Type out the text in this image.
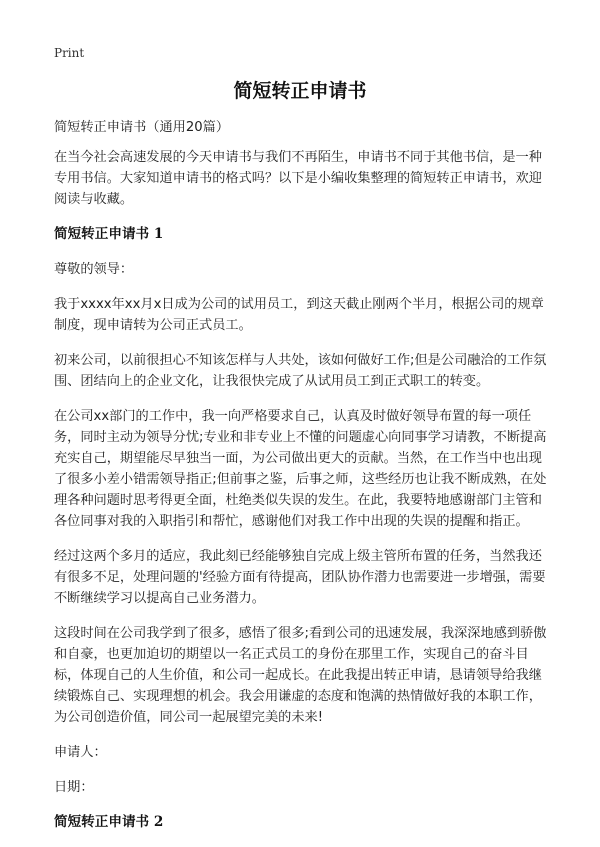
Print
简短转正申请书

简短转正申请书（通用20篇）

在当今社会高速发展的今天申请书与我们不再陌生，申请书不同于其他书信，是一种专用书信。大家知道申请书的格式吗？以下是小编收集整理的简短转正申请书，欢迎阅读与收藏。

简短转正申请书 1

尊敬的领导：

我于xxxx年xx月x日成为公司的试用员工，到这天截止刚两个半月，根据公司的规章制度，现申请转为公司正式员工。

初来公司，以前很担心不知该怎样与人共处，该如何做好工作;但是公司融洽的工作氛围、团结向上的企业文化，让我很快完成了从试用员工到正式职工的转变。

在公司xx部门的工作中，我一向严格要求自己，认真及时做好领导布置的每一项任务，同时主动为领导分忧;专业和非专业上不懂的问题虚心向同事学习请教，不断提高充实自己，期望能尽早独当一面，为公司做出更大的贡献。当然，在工作当中也出现了很多小差小错需领导指正;但前事之鉴，后事之师，这些经历也让我不断成熟，在处理各种问题时思考得更全面，杜绝类似失误的发生。在此，我要特地感谢部门主管和各位同事对我的入职指引和帮忙，感谢他们对我工作中出现的失误的提醒和指正。

经过这两个多月的适应，我此刻已经能够独自完成上级主管所布置的任务，当然我还有很多不足，处理问题的'经验方面有待提高，团队协作潜力也需要进一步增强，需要不断继续学习以提高自己业务潜力。

这段时间在公司我学到了很多，感悟了很多;看到公司的迅速发展，我深深地感到骄傲和自豪，也更加迫切的期望以一名正式员工的身份在那里工作，实现自己的奋斗目标，体现自己的人生价值，和公司一起成长。在此我提出转正申请，恳请领导给我继续锻炼自己、实现理想的机会。我会用谦虚的态度和饱满的热情做好我的本职工作，为公司创造价值，同公司一起展望完美的未来!

申请人：

日期：

简短转正申请书 2
